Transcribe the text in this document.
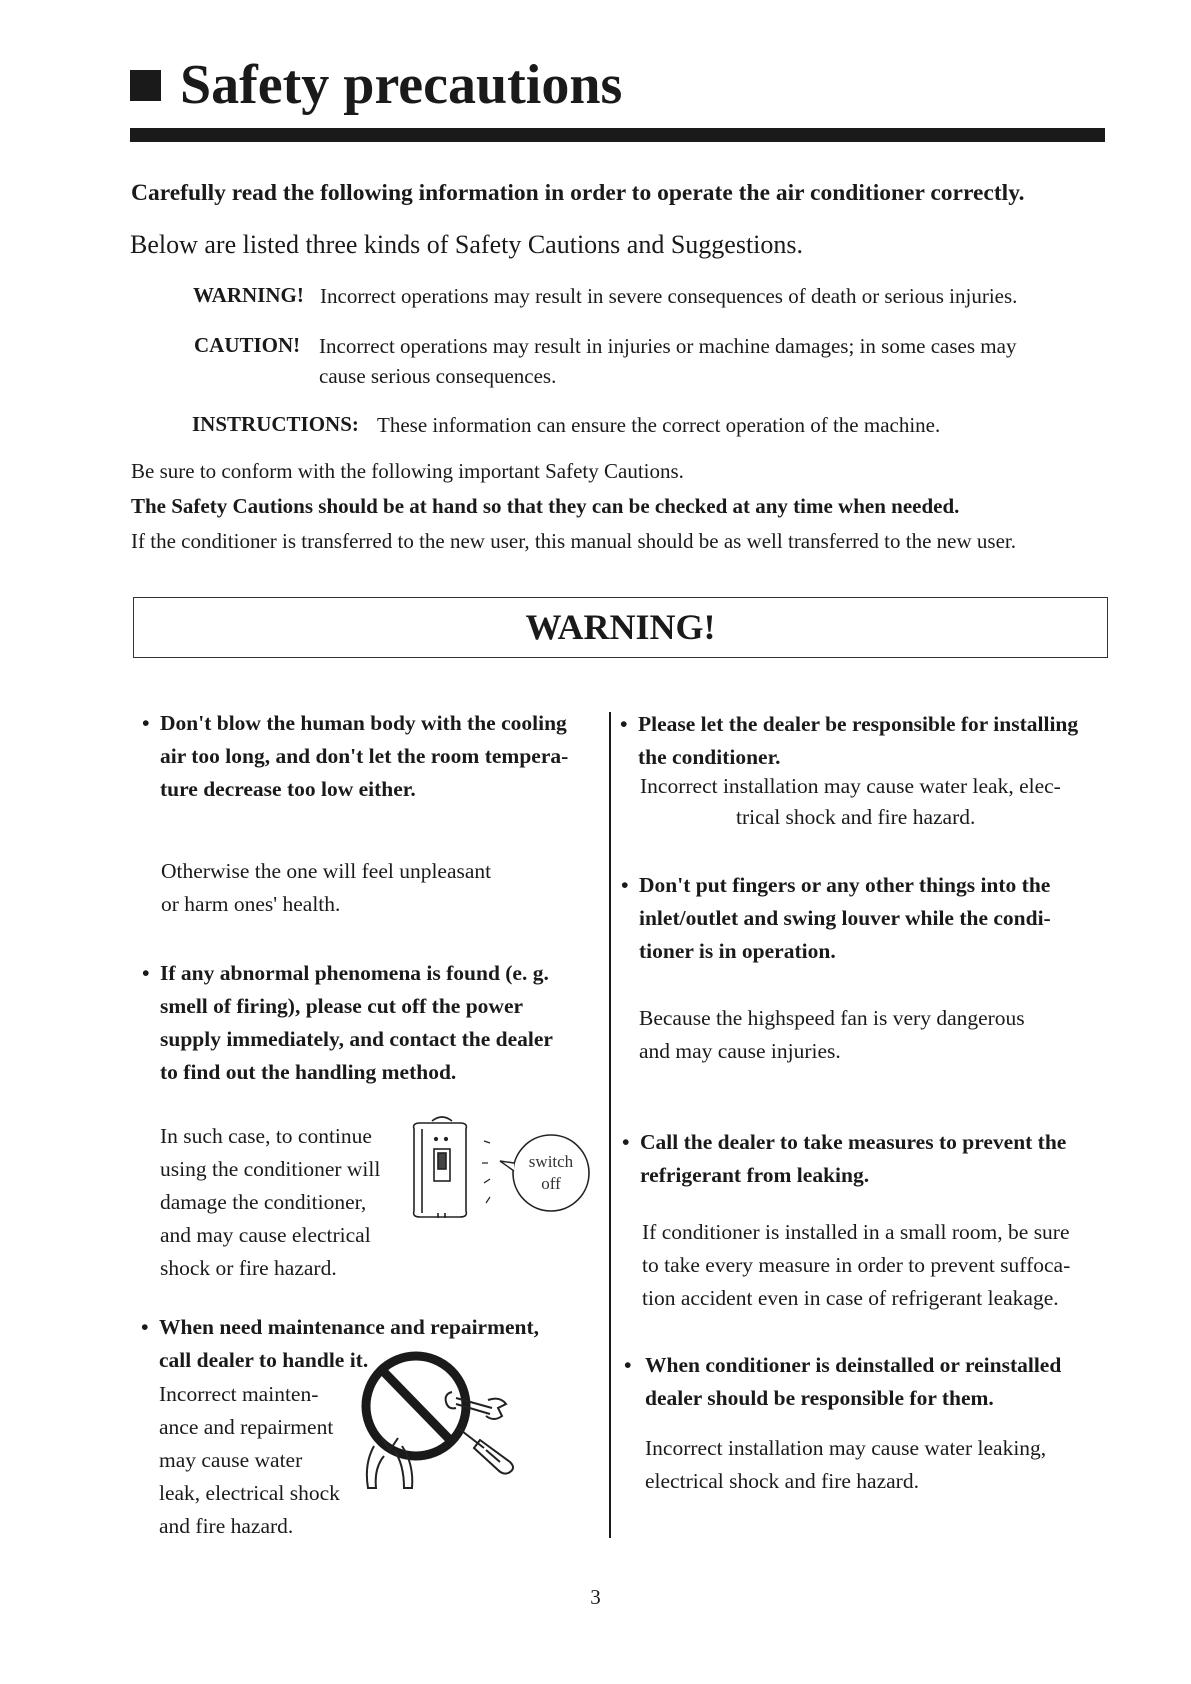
Safety precautions
Carefully read the following information in order to operate the air conditioner correctly.
Below are listed three kinds of Safety Cautions and Suggestions.
WARNING! Incorrect operations may result in severe consequences of death or serious injuries.
CAUTION! Incorrect operations may result in injuries or machine damages; in some cases may
cause serious consequences.
INSTRUCTIONS: These information can ensure the correct operation of the machine.
Be sure to conform with the following important Safety Cautions.
The Safety Cautions should be at hand so that they can be checked at any time when needed.
If the conditioner is transferred to the new user, this manual should be as well transferred to the new user.
WARNING!
• Don't blow the human body with the cooling
air too long, and don't let the room tempera-
ture decrease too low either.
Otherwise the one will feel unpleasant
or harm ones' health.
• If any abnormal phenomena is found (e. g.
smell of firing), please cut off the power
supply immediately, and contact the dealer
to find out the handling method.
In such case, to continue
using the conditioner will
damage the conditioner,
and may cause electrical
shock or fire hazard.
switch
off
• When need maintenance and repairment,
call dealer to handle it.
Incorrect mainten-
ance and repairment
may cause water
leak, electrical shock
and fire hazard.
• Please let the dealer be responsible for installing
the conditioner.
Incorrect installation may cause water leak, elec-
trical shock and fire hazard.
• Don't put fingers or any other things into the
inlet/outlet and swing louver while the condi-
tioner is in operation.
Because the highspeed fan is very dangerous
and may cause injuries.
• Call the dealer to take measures to prevent the
refrigerant from leaking.
If conditioner is installed in a small room, be sure
to take every measure in order to prevent suffoca-
tion accident even in case of refrigerant leakage.
• When conditioner is deinstalled or reinstalled
dealer should be responsible for them.
Incorrect installation may cause water leaking,
electrical shock and fire hazard.
3
